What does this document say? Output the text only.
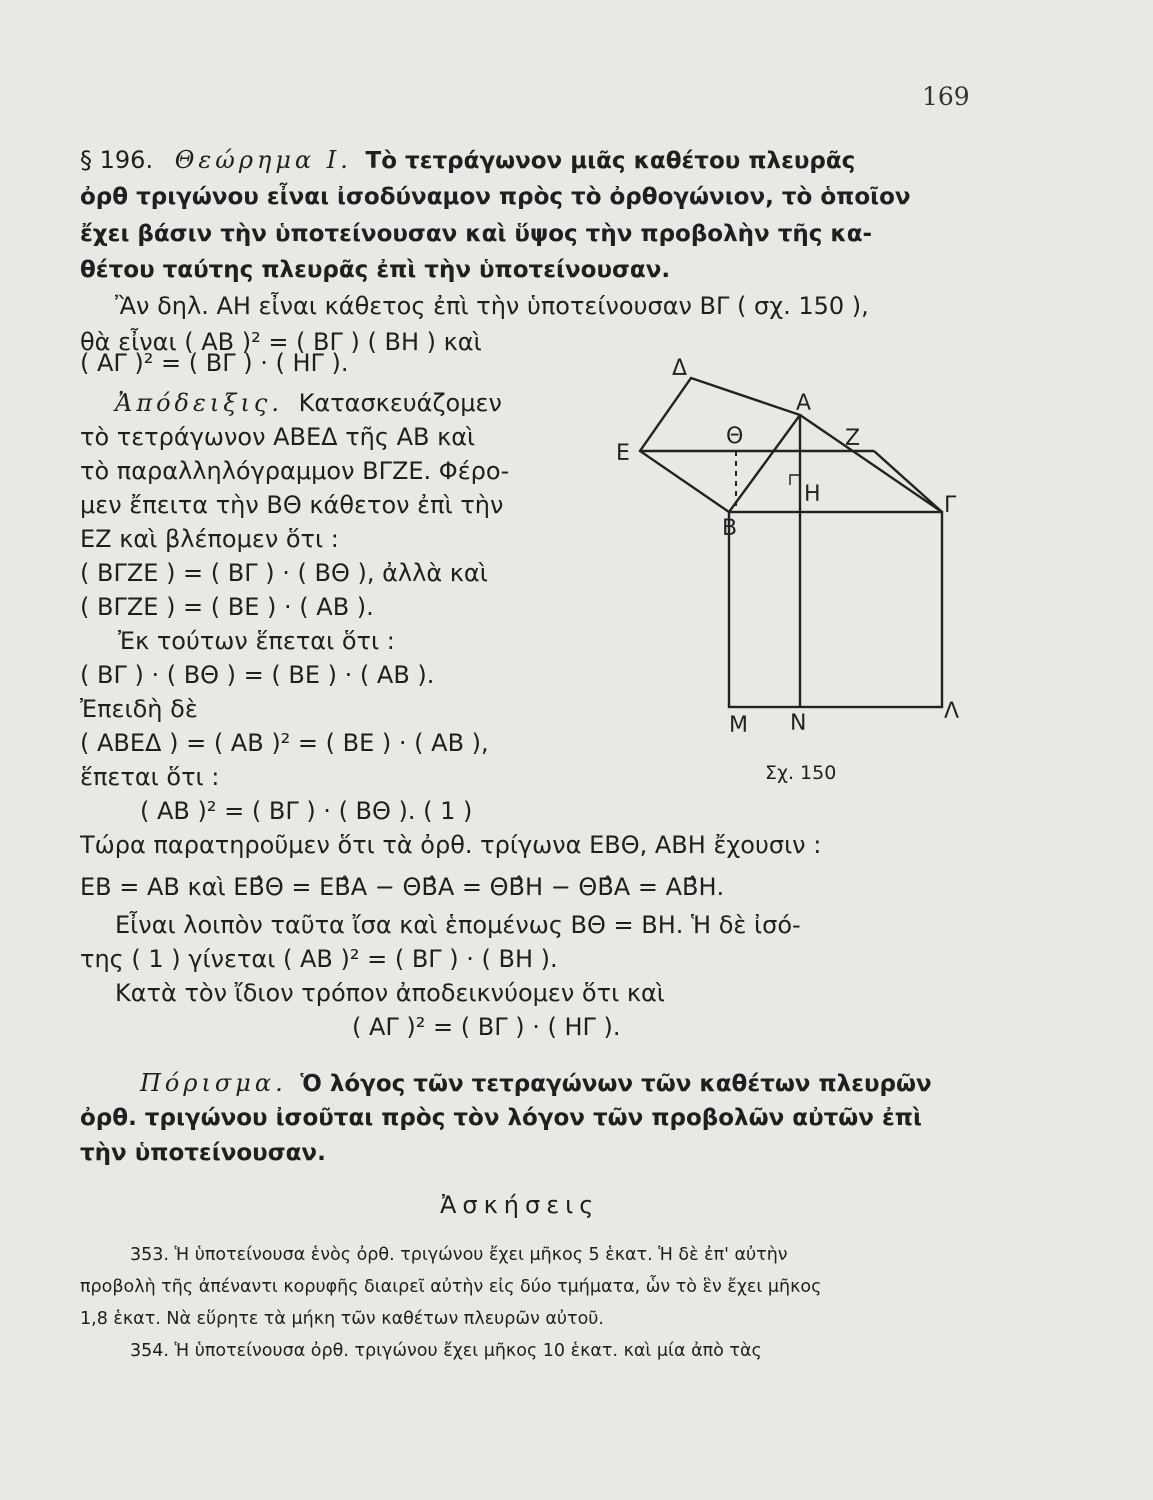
169
§ 196. Θεώρημα Ι. Τὸ τετράγωνον μιᾶς καθέτου πλευρᾶς
ὀρθ τριγώνου εἶναι ἰσοδύναμον πρὸς τὸ ὀρθογώνιον, τὸ ὁποῖον
ἔχει βάσιν τὴν ὑποτείνουσαν καὶ ὕψος τὴν προβολὴν τῆς κα-
θέτου ταύτης πλευρᾶς ἐπὶ τὴν ὑποτείνουσαν.
Ἂν δηλ. ΑΗ εἶναι κάθετος ἐπὶ τὴν ὑποτείνουσαν ΒΓ ( σχ. 150 ),
θὰ εἶναι ( ΑΒ )² = ( ΒΓ ) ( ΒΗ ) καὶ
( ΑΓ )² = ( ΒΓ ) · ( ΗΓ ).
Ἀπόδειξις. Κατασκευάζομεν
τὸ τετράγωνον ΑΒΕΔ τῆς ΑΒ καὶ
τὸ παραλληλόγραμμον ΒΓΖΕ. Φέρο-
μεν ἔπειτα τὴν ΒΘ κάθετον ἐπὶ τὴν
ΕΖ καὶ βλέπομεν ὅτι :
( ΒΓΖΕ ) = ( ΒΓ ) · ( ΒΘ ), ἀλλὰ καὶ
( ΒΓΖΕ ) = ( ΒΕ ) · ( ΑΒ ).
Ἐκ τούτων ἕπεται ὅτι :
( ΒΓ ) · ( ΒΘ ) = ( ΒΕ ) · ( ΑΒ ).
Ἐπειδὴ δὲ
( ΑΒΕΔ ) = ( ΑΒ )² = ( ΒΕ ) · ( ΑΒ ),
ἕπεται ὅτι :
( ΑΒ )² = ( ΒΓ ) · ( ΒΘ ). ( 1 )
Τώρα παρατηροῦμεν ὅτι τὰ ὀρθ. τρίγωνα ΕΒΘ, ΑΒΗ ἔχουσιν :
ΕΒ = ΑΒ καὶ ΕΒ̂Θ = ΕΒ̂Α − ΘΒ̂Α = ΘΒ̂Η − ΘΒ̂Α = ΑΒ̂Η.
Εἶναι λοιπὸν ταῦτα ἴσα καὶ ἑπομένως ΒΘ = ΒΗ. Ἡ δὲ ἰσό-
της ( 1 ) γίνεται ( ΑΒ )² = ( ΒΓ ) · ( ΒΗ ).
Κατὰ τὸν ἴδιον τρόπον ἀποδεικνύομεν ὅτι καὶ
( ΑΓ )² = ( ΒΓ ) · ( ΗΓ ).
Πόρισμα. Ὁ λόγος τῶν τετραγώνων τῶν καθέτων πλευρῶν
ὀρθ. τριγώνου ἰσοῦται πρὸς τὸν λόγον τῶν προβολῶν αὐτῶν ἐπὶ
τὴν ὑποτείνουσαν.
Ἀσκήσεις
353. Ἡ ὑποτείνουσα ἑνὸς ὀρθ. τριγώνου ἔχει μῆκος 5 ἑκατ. Ἡ δὲ ἐπ' αὐτὴν
προβολὴ τῆς ἀπέναντι κορυφῆς διαιρεῖ αὐτὴν εἰς δύο τμήματα, ὧν τὸ ἓν ἔχει μῆκος
1,8 ἑκατ. Νὰ εὕρητε τὰ μήκη τῶν καθέτων πλευρῶν αὐτοῦ.
354. Ἡ ὑποτείνουσα ὀρθ. τριγώνου ἔχει μῆκος 10 ἑκατ. καὶ μία ἀπὸ τὰς
Δ
Α
Ε
Θ	Ζ
Η
Β
Γ
Μ Ν	Λ
Σχ. 150
